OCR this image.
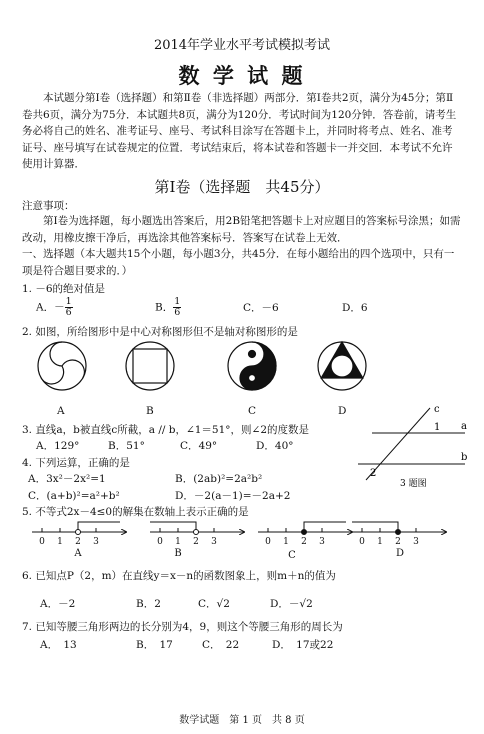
2014年学业水平考试模拟考试
数 学 试 题
本试题分第Ⅰ卷（选择题）和第Ⅱ卷（非选择题）两部分．第Ⅰ卷共2页，满分为45分；第Ⅱ卷共6页，满分为75分．本试题共8页，满分为120分．考试时间为120分钟．答卷前，请考生务必将自己的姓名、准考证号、座号、考试科目涂写在答题卡上，并同时将考点、姓名、准考证号、座号填写在试卷规定的位置．考试结束后，将本试卷和答题卡一并交回．本考试不允许使用计算器．
第Ⅰ卷（选择题　共45分）
注意事项：
第Ⅰ卷为选择题，每小题选出答案后，用2B铅笔把答题卡上对应题目的答案标号涂黑；如需改动，用橡皮擦干净后，再选涂其他答案标号．答案写在试卷上无效．
一、选择题（本大题共15个小题，每小题3分，共45分．在每小题给出的四个选项中，只有一项是符合题目要求的．）
1. －6的绝对值是
A．－ $\frac{1}{6}$	B． $\frac{1}{6}$	C．－6	D．6
2. 如图，所给图形中是中心对称图形但不是轴对称图形的是
A	B	C	D
3. 直线a，b被直线c所截，a // b，∠1＝51°，则∠2的度数是
A．129°	B．51°	C．49°	D．40°
c
1 a
b
2
3 题图
4. 下列运算，正确的是
A．3x²－2x²=1	B．(2ab)²=2a²b²
C．(a+b)²=a²+b²	D．－2(a－1)=－2a+2
5. 不等式2x－4≤0的解集在数轴上表示正确的是
0 1 2 3	0 1 2 3	0 1 2 3	0 1 2 3
A	B	C	D
6. 已知点P（2，m）在直线y＝x－n的函数图象上，则m＋n的值为
A．－2	B．2	C．√2	D．－√2
7. 已知等腰三角形两边的长分别为4，9，则这个等腰三角形的周长为
A．　13	B．　17	C．　22	D．　17或22
数学试题　第 1 页　共 8 页
